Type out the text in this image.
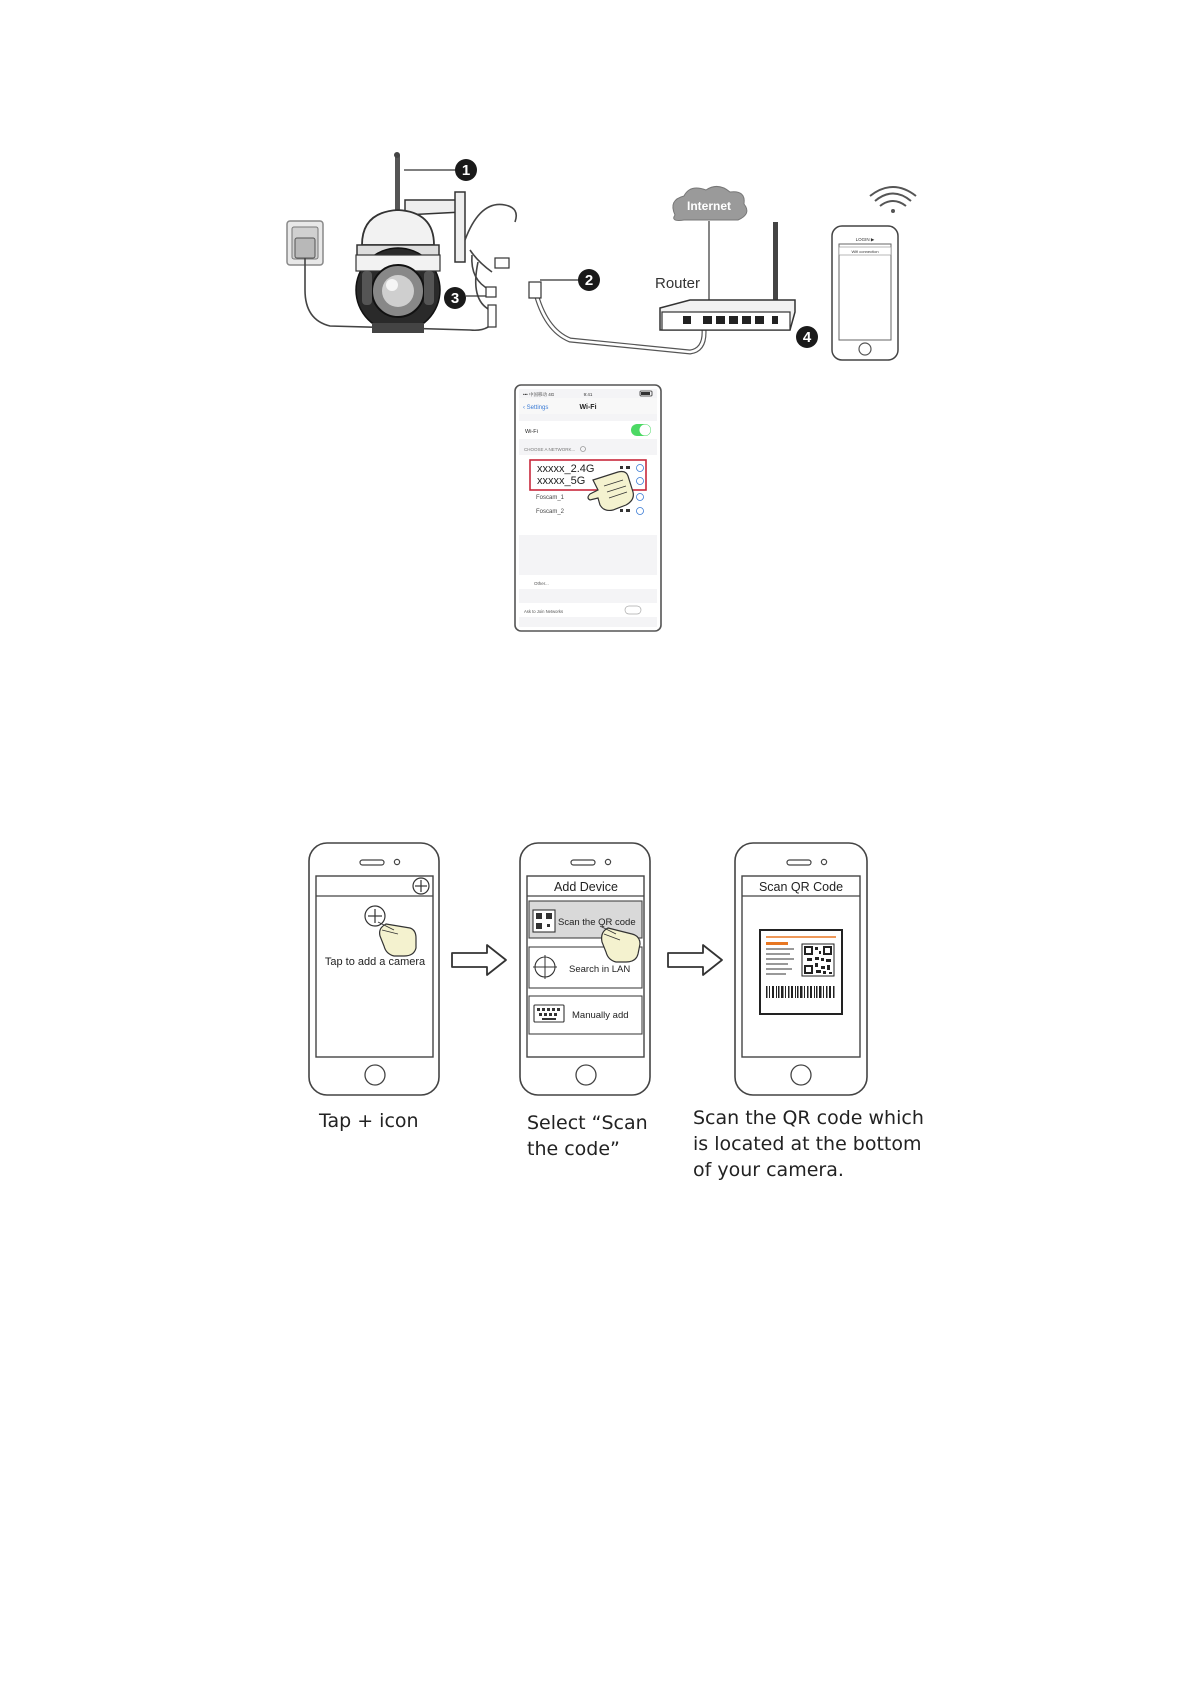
1
2
3
4
Internet
Router
LOGIN ▶
Wifi connection
••• 中国移动 4G	9:41
‹ Settings	Wi-Fi
Wi-Fi
CHOOSE A NETWORK...
xxxxx_2.4G
xxxxx_5G
Foscam_1
Foscam_2
Other...
Ask to Join Networks
Tap to add a camera
Add Device
Scan the QR code
Search in LAN
Manually add
Scan QR Code
Tap + icon	Select “Scan
the code”
Scan the QR code which
is located at the bottom
of your camera.
